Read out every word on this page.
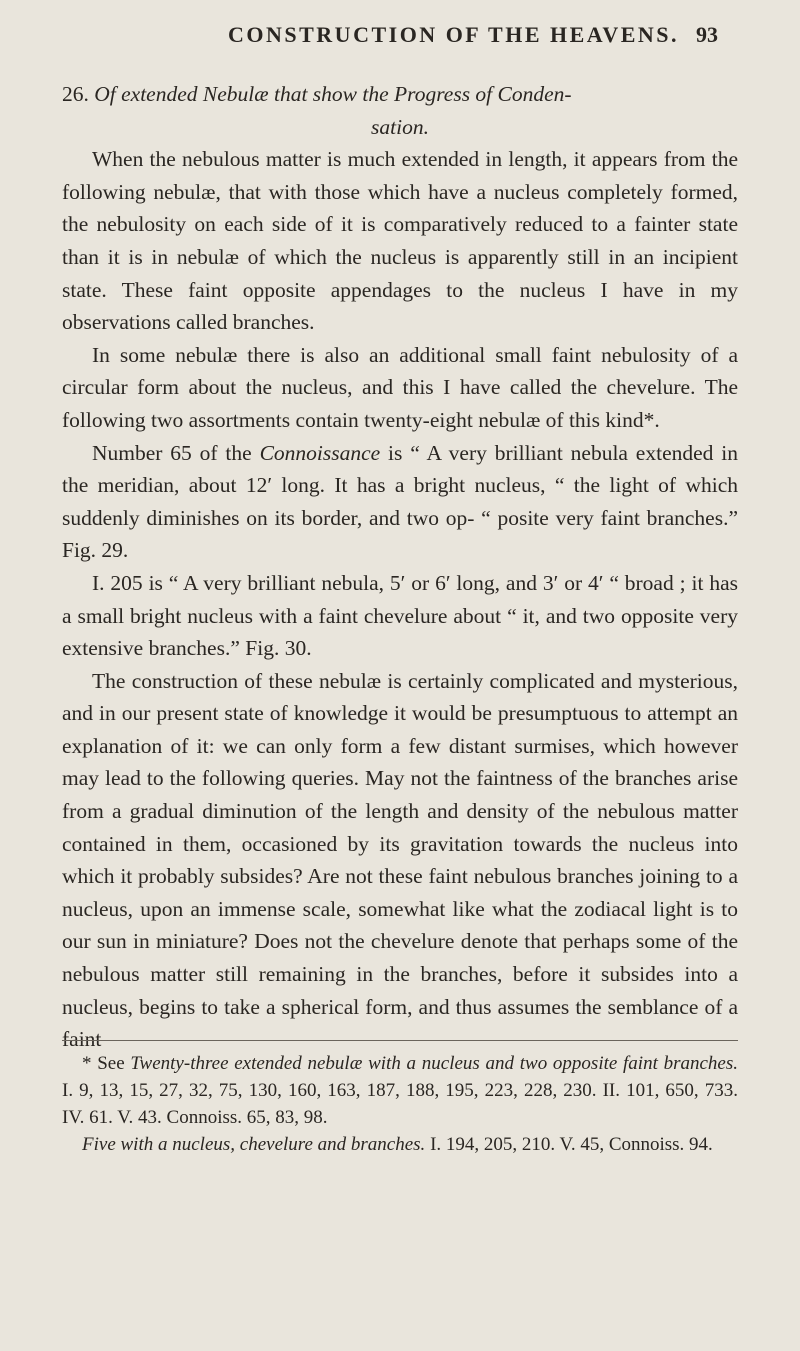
CONSTRUCTION OF THE HEAVENS. 93
26. Of extended Nebulæ that show the Progress of Conden-
sation.

When the nebulous matter is much extended in length, it appears from the following nebulæ, that with those which have a nucleus completely formed, the nebulosity on each side of it is comparatively reduced to a fainter state than it is in nebulæ of which the nucleus is apparently still in an incipient state. These faint opposite appendages to the nucleus I have in my observations called branches.

In some nebulæ there is also an additional small faint nebulosity of a circular form about the nucleus, and this I have called the chevelure. The following two assortments contain twenty-eight nebulæ of this kind*.

Number 65 of the Connoissance is “ A very brilliant nebula extended in the meridian, about 12′ long. It has a bright nucleus, “ the light of which suddenly diminishes on its border, and two op- “ posite very faint branches.” Fig. 29.

I. 205 is “ A very brilliant nebula, 5′ or 6′ long, and 3′ or 4′ “ broad ; it has a small bright nucleus with a faint chevelure about “ it, and two opposite very extensive branches.” Fig. 30.

The construction of these nebulæ is certainly complicated and mysterious, and in our present state of knowledge it would be presumptuous to attempt an explanation of it: we can only form a few distant surmises, which however may lead to the following queries. May not the faintness of the branches arise from a gradual diminution of the length and density of the nebulous matter contained in them, occasioned by its gravitation towards the nucleus into which it probably subsides? Are not these faint nebulous branches joining to a nucleus, upon an immense scale, somewhat like what the zodiacal light is to our sun in miniature? Does not the chevelure denote that perhaps some of the nebulous matter still remaining in the branches, before it subsides into a nucleus, begins to take a spherical form, and thus assumes the semblance of a faint

* See Twenty-three extended nebulæ with a nucleus and two opposite faint branches. I. 9, 13, 15, 27, 32, 75, 130, 160, 163, 187, 188, 195, 223, 228, 230. II. 101, 650, 733. IV. 61. V. 43. Connoiss. 65, 83, 98.

Five with a nucleus, chevelure and branches. I. 194, 205, 210. V. 45, Connoiss. 94.
